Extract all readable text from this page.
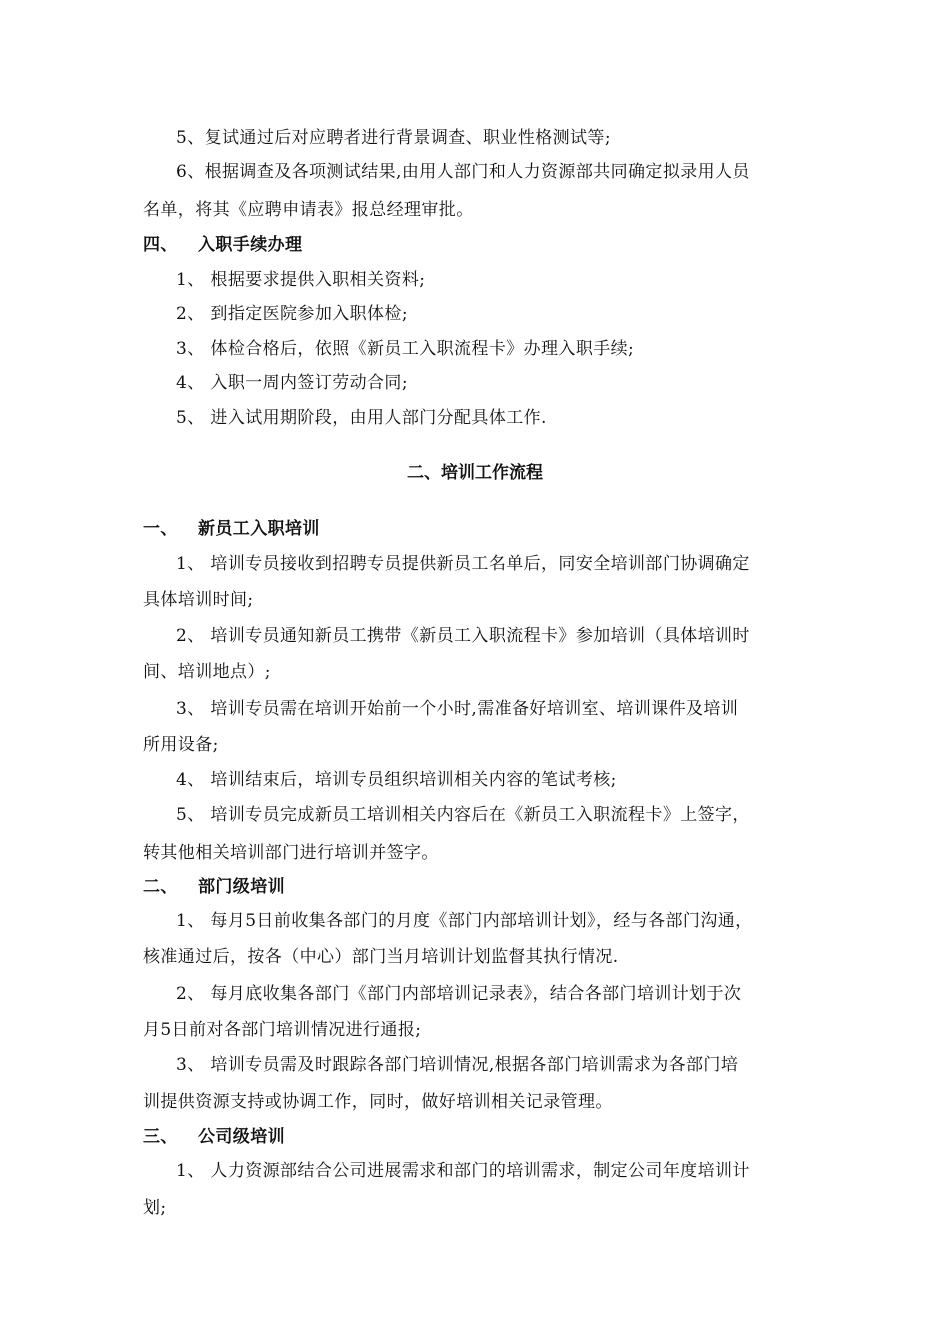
5、复试通过后对应聘者进行背景调查、职业性格测试等;
6、根据调查及各项测试结果,由用人部门和人力资源部共同确定拟录用人员
名单，将其《应聘申请表》报总经理审批。
四、 入职手续办理
1、 根据要求提供入职相关资料;
2、 到指定医院参加入职体检;
3、 体检合格后，依照《新员工入职流程卡》办理入职手续;
4、 入职一周内签订劳动合同;
5、 进入试用期阶段，由用人部门分配具体工作.
二、培训工作流程
一、 新员工入职培训
1、 培训专员接收到招聘专员提供新员工名单后，同安全培训部门协调确定
具体培训时间;
2、 培训专员通知新员工携带《新员工入职流程卡》参加培训（具体培训时
间、培训地点）;
3、 培训专员需在培训开始前一个小时,需准备好培训室、培训课件及培训
所用设备;
4、 培训结束后，培训专员组织培训相关内容的笔试考核;
5、 培训专员完成新员工培训相关内容后在《新员工入职流程卡》上签字，
转其他相关培训部门进行培训并签字。
二、 部门级培训
1、 每月5日前收集各部门的月度《部门内部培训计划》，经与各部门沟通，
核准通过后，按各（中心）部门当月培训计划监督其执行情况.
2、 每月底收集各部门《部门内部培训记录表》，结合各部门培训计划于次
月5日前对各部门培训情况进行通报;
3、 培训专员需及时跟踪各部门培训情况,根据各部门培训需求为各部门培
训提供资源支持或协调工作，同时，做好培训相关记录管理。
三、 公司级培训
1、 人力资源部结合公司进展需求和部门的培训需求，制定公司年度培训计
划;
